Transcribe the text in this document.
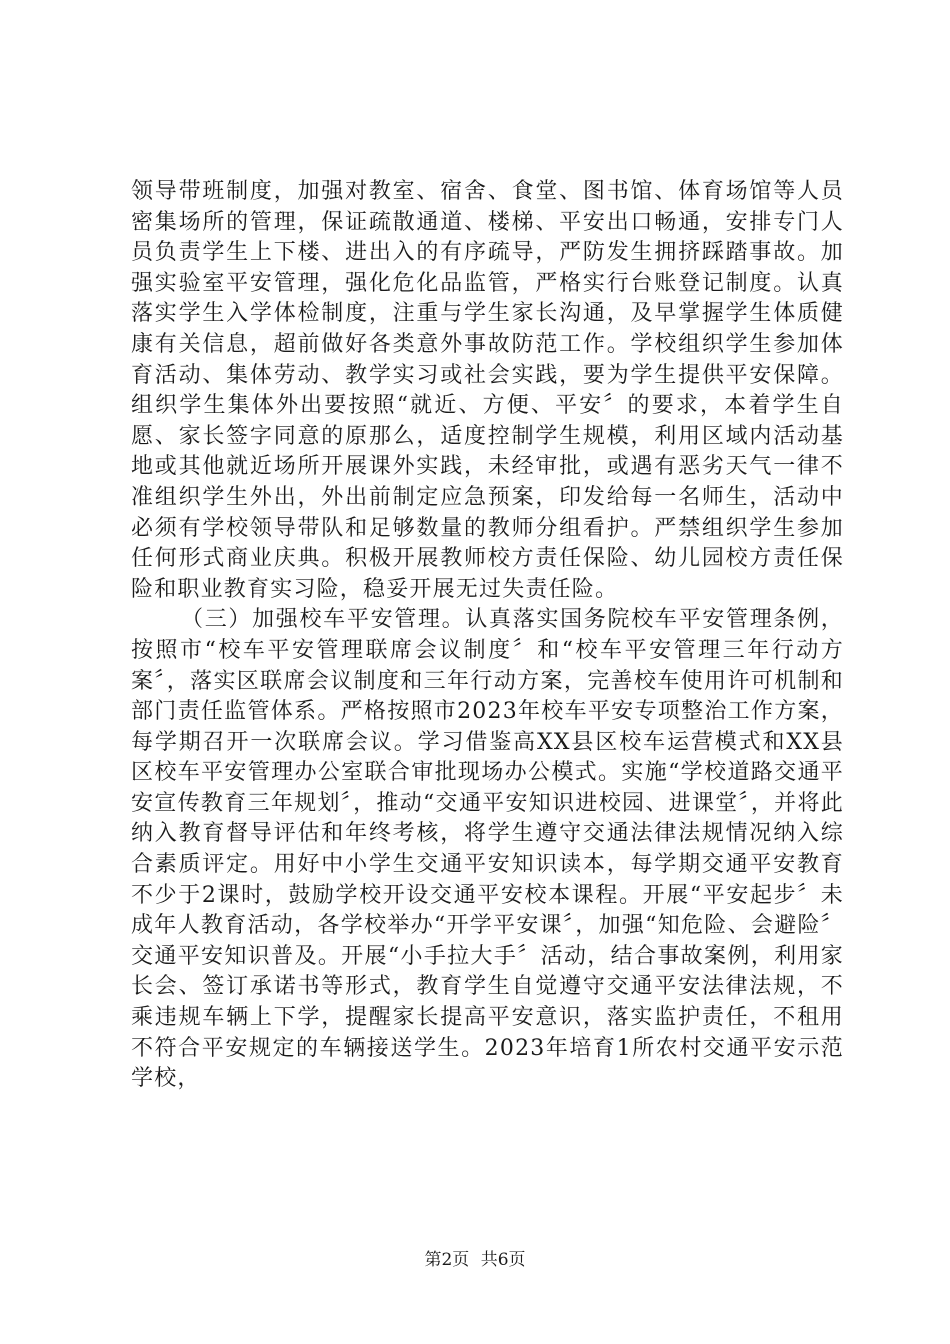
领导带班制度，加强对教室、宿舍、食堂、图书馆、体育场馆等人员密集场所的管理，保证疏散通道、楼梯、平安出口畅通，安排专门人员负责学生上下楼、进出入的有序疏导，严防发生拥挤踩踏事故。加强实验室平安管理，强化危化品监管，严格实行台账登记制度。认真落实学生入学体检制度，注重与学生家长沟通，及早掌握学生体质健康有关信息，超前做好各类意外事故防范工作。学校组织学生参加体育活动、集体劳动、教学实习或社会实践，要为学生提供平安保障。组织学生集体外出要按照“就近、方便、平安〞的要求，本着学生自愿、家长签字同意的原那么，适度控制学生规模，利用区域内活动基地或其他就近场所开展课外实践，未经审批，或遇有恶劣天气一律不准组织学生外出，外出前制定应急预案，印发给每一名师生，活动中必须有学校领导带队和足够数量的教师分组看护。严禁组织学生参加任何形式商业庆典。积极开展教师校方责任保险、幼儿园校方责任保险和职业教育实习险，稳妥开展无过失责任险。

（三）加强校车平安管理。认真落实国务院校车平安管理条例，按照市“校车平安管理联席会议制度〞和“校车平安管理三年行动方案〞，落实区联席会议制度和三年行动方案，完善校车使用许可机制和部门责任监管体系。严格按照市2023年校车平安专项整治工作方案，每学期召开一次联席会议。学习借鉴高XX县区校车运营模式和XX县区校车平安管理办公室联合审批现场办公模式。实施“学校道路交通平安宣传教育三年规划〞，推动“交通平安知识进校园、进课堂〞，并将此纳入教育督导评估和年终考核，将学生遵守交通法律法规情况纳入综合素质评定。用好中小学生交通平安知识读本，每学期交通平安教育不少于2课时，鼓励学校开设交通平安校本课程。开展“平安起步〞未成年人教育活动，各学校举办“开学平安课〞，加强“知危险、会避险〞交通平安知识普及。开展“小手拉大手〞活动，结合事故案例，利用家长会、签订承诺书等形式，教育学生自觉遵守交通平安法律法规，不乘违规车辆上下学，提醒家长提高平安意识，落实监护责任，不租用不符合平安规定的车辆接送学生。2023年培育1所农村交通平安示范学校，

第2页 共6页
